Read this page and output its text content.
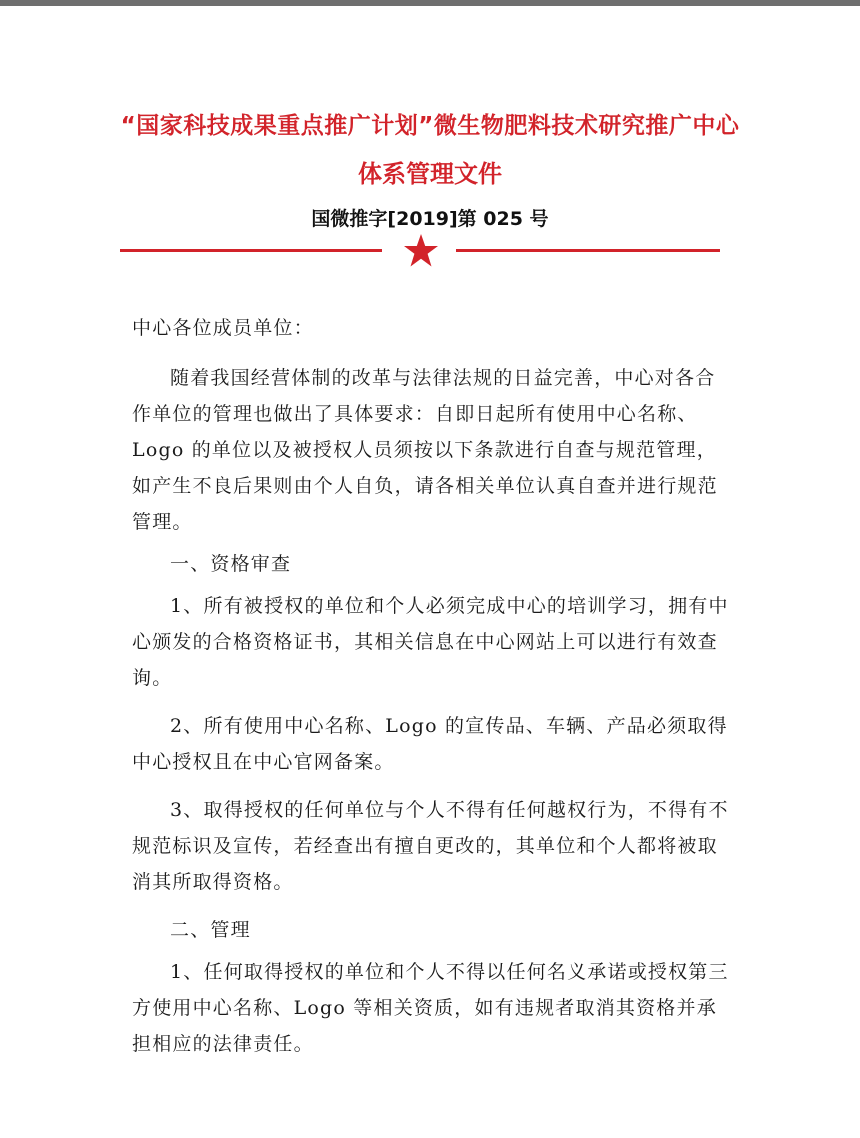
“国家科技成果重点推广计划”微生物肥料技术研究推广中心
体系管理文件
国微推字[2019]第 025 号

中心各位成员单位：

随着我国经营体制的改革与法律法规的日益完善，中心对各合作单位的管理也做出了具体要求：自即日起所有使用中心名称、Logo 的单位以及被授权人员须按以下条款进行自查与规范管理，如产生不良后果则由个人自负，请各相关单位认真自查并进行规范管理。

一、资格审查

1、所有被授权的单位和个人必须完成中心的培训学习，拥有中心颁发的合格资格证书，其相关信息在中心网站上可以进行有效查询。

2、所有使用中心名称、Logo 的宣传品、车辆、产品必须取得中心授权且在中心官网备案。

3、取得授权的任何单位与个人不得有任何越权行为，不得有不规范标识及宣传，若经查出有擅自更改的，其单位和个人都将被取消其所取得资格。

二、管理

1、任何取得授权的单位和个人不得以任何名义承诺或授权第三方使用中心名称、Logo 等相关资质，如有违规者取消其资格并承担相应的法律责任。
